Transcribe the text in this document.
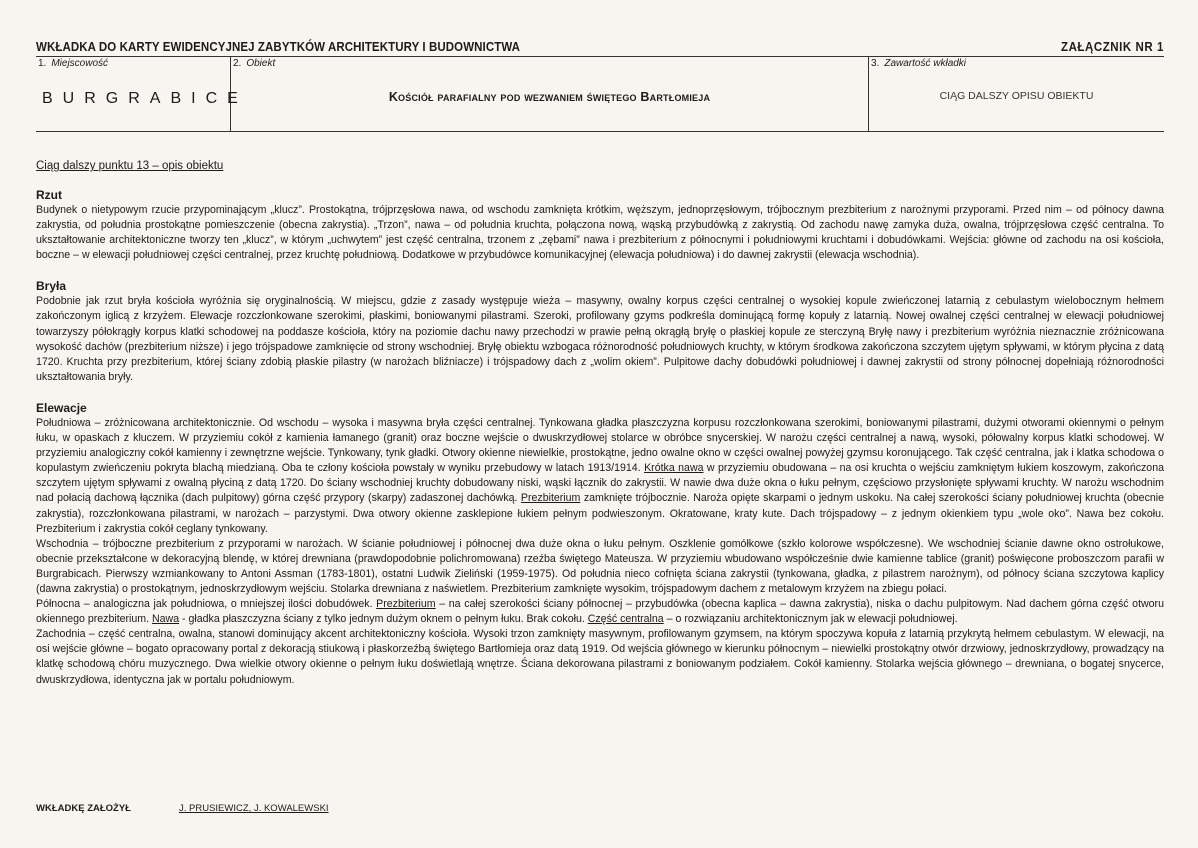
WKŁADKA DO KARTY EWIDENCYJNEJ ZABYTKÓW ARCHITEKTURY I BUDOWNICTWA	ZAŁĄCZNIK NR 1
1. Miejscowość
BURGRABICE
2. Obiekt
Kościół parafialny pod wezwaniem świętego Bartłomieja
3. Zawartość wkładki
CIĄG DALSZY OPISU OBIEKTU
Ciąg dalszy punktu 13 – opis obiektu
Rzut

Budynek o nietypowym rzucie przypominającym „klucz”. Prostokątna, trójprzęsłowa nawa, od wschodu zamknięta krótkim, węższym, jednoprzęsłowym, trójbocznym prezbiterium z narożnymi przyporami. Przed nim – od północy dawna zakrystia, od południa prostokątne pomieszczenie (obecna zakrystia). „Trzon”, nawa – od południa kruchta, połączona nową, wąską przybudówką z zakrystią. Od zachodu nawę zamyka duża, owalna, trójprzęsłowa część centralna. To ukształtowanie architektoniczne tworzy ten „klucz”, w którym „uchwytem” jest część centralna, trzonem z „zębami” nawa i prezbiterium z północnymi i południowymi kruchtami i dobudówkami. Wejścia: główne od zachodu na osi kościoła, boczne – w elewacji południowej części centralnej, przez kruchtę południową. Dodatkowe w przybudówce komunikacyjnej (elewacja południowa) i do dawnej zakrystii (elewacja wschodnia).

Bryła

Podobnie jak rzut bryła kościoła wyróżnia się oryginalnością. W miejscu, gdzie z zasady występuje wieża – masywny, owalny korpus części centralnej o wysokiej kopule zwieńczonej latarnią z cebulastym wielobocznym hełmem zakończonym iglicą z krzyżem. Elewacje rozczłonkowane szerokimi, płaskimi, boniowanymi pilastrami. Szeroki, profilowany gzyms podkreśla dominującą formę kopuły z latarnią. Nowej owalnej części centralnej w elewacji południowej towarzyszy półokrągły korpus klatki schodowej na poddasze kościoła, który na poziomie dachu nawy przechodzi w prawie pełną okrągłą bryłę o płaskiej kopule ze sterczyną Bryłę nawy i prezbiterium wyróżnia nieznacznie zróżnicowana wysokość dachów (prezbiterium niższe) i jego trójspadowe zamknięcie od strony wschodniej. Bryłę obiektu wzbogaca różnorodność południowych kruchty, w którym środkowa zakończona szczytem ujętym spływami, w którym płycina z datą 1720. Kruchta przy prezbiterium, której ściany zdobią płaskie pilastry (w narożach bliźniacze) i trójspadowy dach z „wolim okiem”. Pulpitowe dachy dobudówki południowej i dawnej zakrystii od strony północnej dopełniają różnorodności ukształtowania bryły.

Elewacje

Południowa – zróżnicowana architektonicznie. Od wschodu – wysoka i masywna bryła części centralnej. Tynkowana gładka płaszczyzna korpusu rozczłonkowana szerokimi, boniowanymi pilastrami, dużymi otworami okiennymi o pełnym łuku, w opaskach z kluczem. W przyziemiu cokół z kamienia łamanego (granit) oraz boczne wejście o dwuskrzydłowej stolarce w obróbce snycerskiej. W narożu części centralnej a nawą, wysoki, półowalny korpus klatki schodowej. W przyziemiu analogiczny cokół kamienny i zewnętrzne wejście. Tynkowany, tynk gładki. Otwory okienne niewielkie, prostokątne, jedno owalne okno w części owalnej powyżej gzymsu koronującego. Tak część centralna, jak i klatka schodowa o kopulastym zwieńczeniu pokryta blachą miedzianą. Oba te człony kościoła powstały w wyniku przebudowy w latach 1913/1914. Krótka nawa w przyziemiu obudowana – na osi kruchta o wejściu zamkniętym łukiem koszowym, zakończona szczytem ujętym spływami z owalną płyciną z datą 1720. Do ściany wschodniej kruchty dobudowany niski, wąski łącznik do zakrystii. W nawie dwa duże okna o łuku pełnym, częściowo przysłonięte spływami kruchty. W narożu wschodnim nad połacią dachową łącznika (dach pulpitowy) górna część przypory (skarpy) zadaszonej dachówką. Prezbiterium zamknięte trójbocznie. Naroża opięte skarpami o jednym uskoku. Na całej szerokości ściany południowej kruchta (obecnie zakrystia), rozczłonkowana pilastrami, w narożach – parzystymi. Dwa otwory okienne zasklepione łukiem pełnym podwieszonym. Okratowane, kraty kute. Dach trójspadowy – z jednym okienkiem typu „wole oko”. Nawa bez cokołu. Prezbiterium i zakrystia cokół ceglany tynkowany.

Wschodnia – trójboczne prezbiterium z przyporami w narożach. W ścianie południowej i północnej dwa duże okna o łuku pełnym. Oszklenie gomółkowe (szkło kolorowe współczesne). We wschodniej ścianie dawne okno ostrołukowe, obecnie przekształcone w dekoracyjną blendę, w której drewniana (prawdopodobnie polichromowana) rzeźba świętego Mateusza. W przyziemiu wbudowano współcześnie dwie kamienne tablice (granit) poświęcone proboszczom parafii w Burgrabicach. Pierwszy wzmiankowany to Antoni Assman (1783-1801), ostatni Ludwik Zieliński (1959-1975). Od południa nieco cofnięta ściana zakrystii (tynkowana, gładka, z pilastrem narożnym), od północy ściana szczytowa kaplicy (dawna zakrystia) o prostokątnym, jednoskrzydłowym wejściu. Stolarka drewniana z naświetlem. Prezbiterium zamknięte wysokim, trójspadowym dachem z metalowym krzyżem na zbiegu połaci.

Północna – analogiczna jak południowa, o mniejszej ilości dobudówek. Prezbiterium – na całej szerokości ściany północnej – przybudówka (obecna kaplica – dawna zakrystia), niska o dachu pulpitowym. Nad dachem górna część otworu okiennego prezbiterium. Nawa - gładka płaszczyzna ściany z tylko jednym dużym oknem o pełnym łuku. Brak cokołu. Część centralna – o rozwiązaniu architektonicznym jak w elewacji południowej.

Zachodnia – część centralna, owalna, stanowi dominujący akcent architektoniczny kościoła. Wysoki trzon zamknięty masywnym, profilowanym gzymsem, na którym spoczywa kopuła z latarnią przykrytą hełmem cebulastym. W elewacji, na osi wejście główne – bogato opracowany portal z dekoracją stiukową i płaskorzeźbą świętego Bartłomieja oraz datą 1919. Od wejścia głównego w kierunku północnym – niewielki prostokątny otwór drzwiowy, jednoskrzydłowy, prowadzący na klatkę schodową chóru muzycznego. Dwa wielkie otwory okienne o pełnym łuku doświetlają wnętrze. Ściana dekorowana pilastrami z boniowanym podziałem. Cokół kamienny. Stolarka wejścia głównego – drewniana, o bogatej snycerce, dwuskrzydłowa, identyczna jak w portalu południowym.

WKŁADKĘ ZAŁOŻYŁ	J. PRUSIEWICZ, J. KOWALEWSKI
